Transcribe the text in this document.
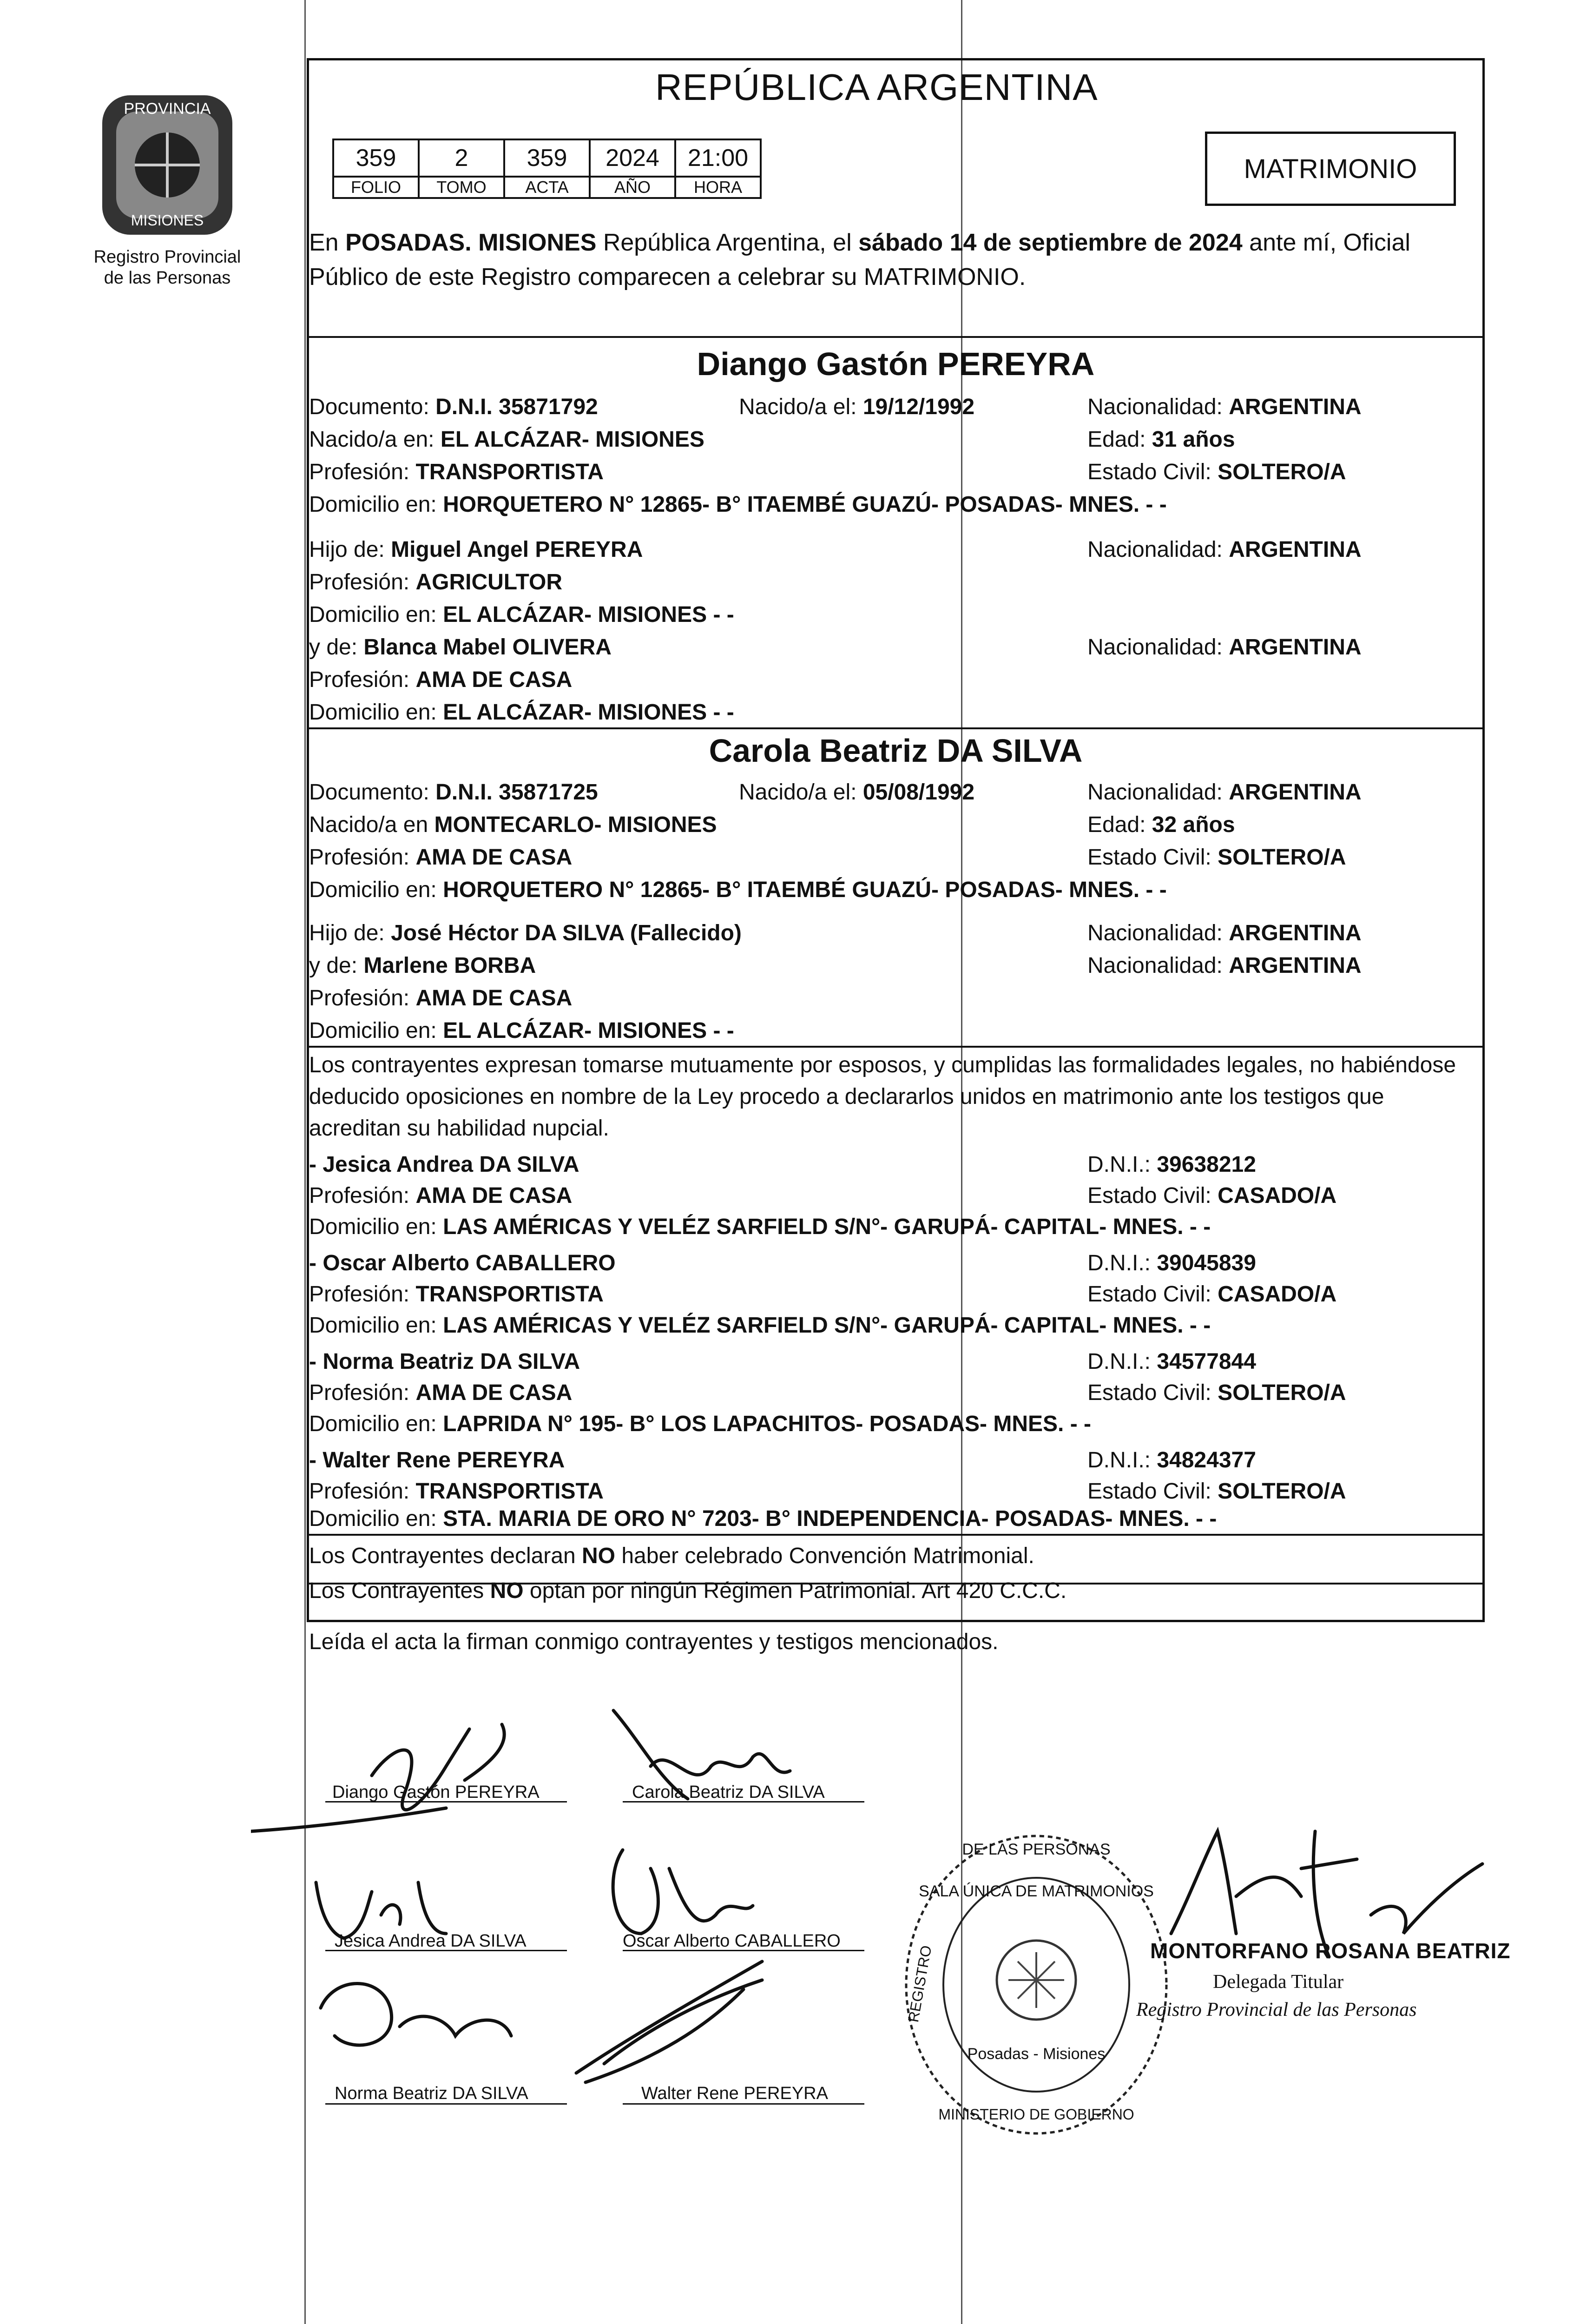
PROVINCIA
MISIONES
Registro Provincial
de las Personas
REPÚBLICA ARGENTINA
359	2	359	2024	21:00
FOLIO	TOMO	ACTA	AÑO	HORA
MATRIMONIO
En POSADAS. MISIONES República Argentina, el sábado 14 de septiembre de 2024 ante mí, Oficial Público de este Registro comparecen a celebrar su MATRIMONIO.
Diango Gastón PEREYRA
Documento: D.N.I. 35871792	Nacido/a el: 19/12/1992	Nacionalidad: ARGENTINA
Nacido/a en: EL ALCÁZAR- MISIONES	Edad: 31 años
Profesión: TRANSPORTISTA	Estado Civil: SOLTERO/A
Domicilio en: HORQUETERO N° 12865- B° ITAEMBÉ GUAZÚ- POSADAS- MNES. - -
Hijo de: Miguel Angel PEREYRA	Nacionalidad: ARGENTINA
Profesión: AGRICULTOR
Domicilio en: EL ALCÁZAR- MISIONES - -
y de: Blanca Mabel OLIVERA	Nacionalidad: ARGENTINA
Profesión: AMA DE CASA
Domicilio en: EL ALCÁZAR- MISIONES - -
Carola Beatriz DA SILVA
Documento: D.N.I. 35871725	Nacido/a el: 05/08/1992	Nacionalidad: ARGENTINA
Nacido/a en MONTECARLO- MISIONES	Edad: 32 años
Profesión: AMA DE CASA	Estado Civil: SOLTERO/A
Domicilio en: HORQUETERO N° 12865- B° ITAEMBÉ GUAZÚ- POSADAS- MNES. - -
Hijo de: José Héctor DA SILVA (Fallecido)	Nacionalidad: ARGENTINA
y de: Marlene BORBA	Nacionalidad: ARGENTINA
Profesión: AMA DE CASA
Domicilio en: EL ALCÁZAR- MISIONES - -
Los contrayentes expresan tomarse mutuamente por esposos, y cumplidas las formalidades legales, no habiéndose deducido oposiciones en nombre de la Ley procedo a declararlos unidos en matrimonio ante los testigos que acreditan su habilidad nupcial.
- Jesica Andrea DA SILVA	D.N.I.: 39638212
Profesión: AMA DE CASA	Estado Civil: CASADO/A
Domicilio en: LAS AMÉRICAS Y VELÉZ SARFIELD S/N°- GARUPÁ- CAPITAL- MNES. - -
- Oscar Alberto CABALLERO	D.N.I.: 39045839
Profesión: TRANSPORTISTA	Estado Civil: CASADO/A
Domicilio en: LAS AMÉRICAS Y VELÉZ SARFIELD S/N°- GARUPÁ- CAPITAL- MNES. - -
- Norma Beatriz DA SILVA	D.N.I.: 34577844
Profesión: AMA DE CASA	Estado Civil: SOLTERO/A
Domicilio en: LAPRIDA N° 195- B° LOS LAPACHITOS- POSADAS- MNES. - -
- Walter Rene PEREYRA	D.N.I.: 34824377
Profesión: TRANSPORTISTA	Estado Civil: SOLTERO/A
Domicilio en: STA. MARIA DE ORO N° 7203- B° INDEPENDENCIA- POSADAS- MNES. - -
Los Contrayentes declaran NO haber celebrado Convención Matrimonial.
Los Contrayentes NO optan por ningún Régimen Patrimonial. Art 420 C.C.C.
Leída el acta la firman conmigo contrayentes y testigos mencionados.
Diango Gastón PEREYRA	Carola Beatriz DA SILVA
Jesica Andrea DA SILVA	Oscar Alberto CABALLERO
Norma Beatriz DA SILVA	Walter Rene PEREYRA
SALA ÚNICA DE MATRIMONIOS
DE LAS PERSONAS
REGISTRO
Posadas - Misiones
MINISTERIO DE GOBIERNO
MONTORFANO ROSANA BEATRIZ
Delegada Titular
Registro Provincial de las Personas
